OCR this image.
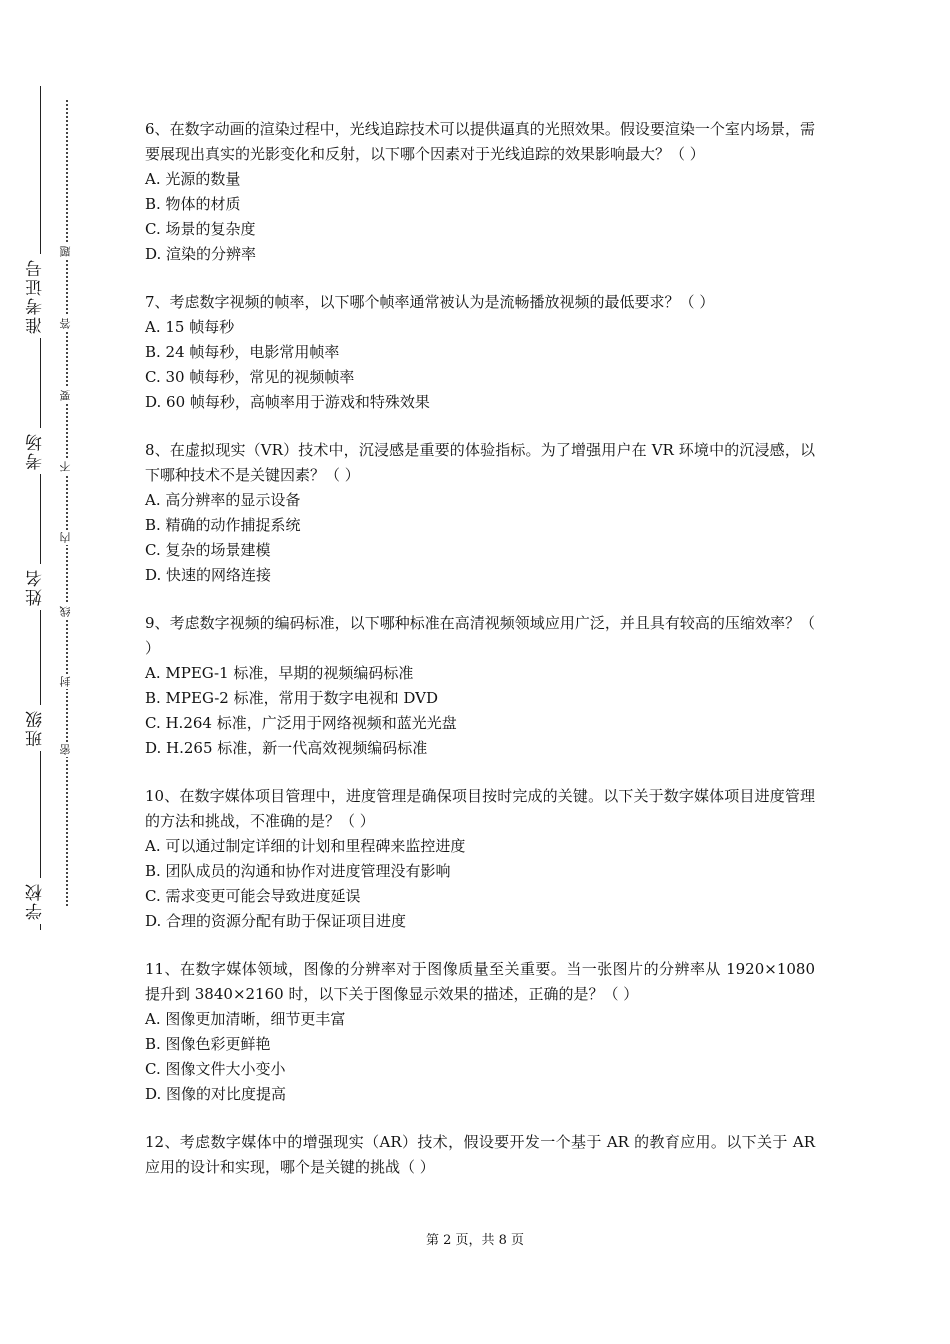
学校
班级
姓名
考场
准考证号
密
封
线
内
不
要
答
题
6、在数字动画的渲染过程中，光线追踪技术可以提供逼真的光照效果。假设要渲染一个室内场景，需要展现出真实的光影变化和反射，以下哪个因素对于光线追踪的效果影响最大？（ ）
A. 光源的数量
B. 物体的材质
C. 场景的复杂度
D. 渲染的分辨率
7、考虑数字视频的帧率，以下哪个帧率通常被认为是流畅播放视频的最低要求？（ ）
A. 15 帧每秒
B. 24 帧每秒，电影常用帧率
C. 30 帧每秒，常见的视频帧率
D. 60 帧每秒，高帧率用于游戏和特殊效果
8、在虚拟现实（VR）技术中，沉浸感是重要的体验指标。为了增强用户在 VR 环境中的沉浸感，以下哪种技术不是关键因素？（ ）
A. 高分辨率的显示设备
B. 精确的动作捕捉系统
C. 复杂的场景建模
D. 快速的网络连接
9、考虑数字视频的编码标准，以下哪种标准在高清视频领域应用广泛，并且具有较高的压缩效率？（ ）
A. MPEG-1 标准，早期的视频编码标准
B. MPEG-2 标准，常用于数字电视和 DVD
C. H.264 标准，广泛用于网络视频和蓝光光盘
D. H.265 标准，新一代高效视频编码标准
10、在数字媒体项目管理中，进度管理是确保项目按时完成的关键。以下关于数字媒体项目进度管理的方法和挑战，不准确的是？（ ）
A. 可以通过制定详细的计划和里程碑来监控进度
B. 团队成员的沟通和协作对进度管理没有影响
C. 需求变更可能会导致进度延误
D. 合理的资源分配有助于保证项目进度
11、在数字媒体领域，图像的分辨率对于图像质量至关重要。当一张图片的分辨率从 1920×1080 提升到 3840×2160 时，以下关于图像显示效果的描述，正确的是？（ ）
A. 图像更加清晰，细节更丰富
B. 图像色彩更鲜艳
C. 图像文件大小变小
D. 图像的对比度提高
12、考虑数字媒体中的增强现实（AR）技术，假设要开发一个基于 AR 的教育应用。以下关于 AR 应用的设计和实现，哪个是关键的挑战（ ）
第 2 页，共 8 页
